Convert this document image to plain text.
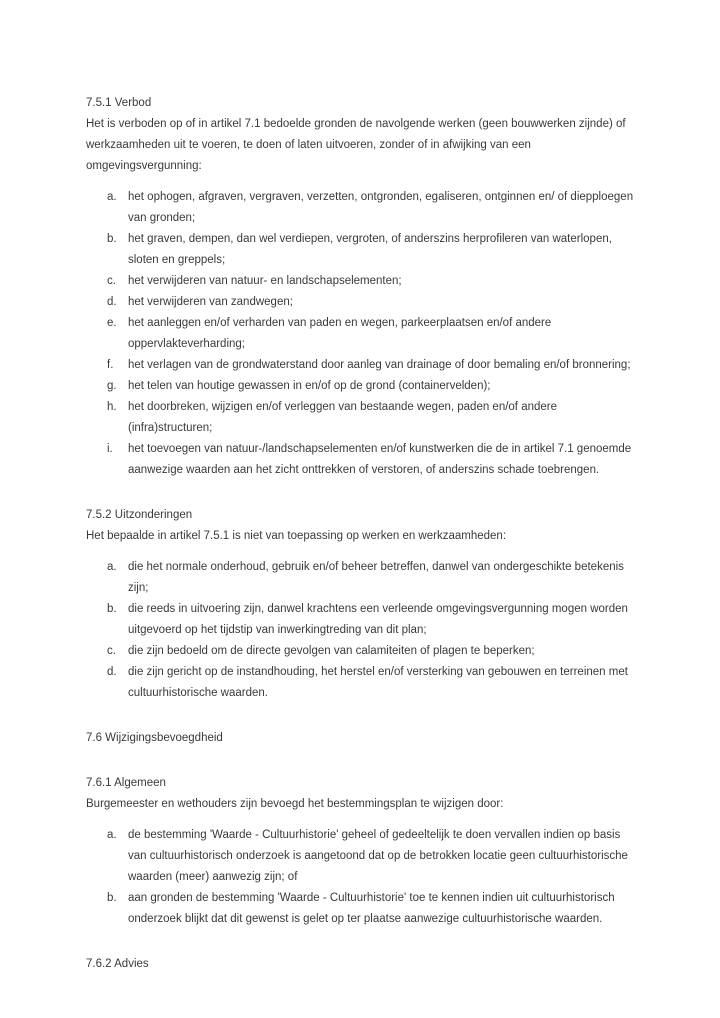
7.5.1 Verbod

Het is verboden op of in artikel 7.1 bedoelde gronden de navolgende werken (geen bouwwerken zijnde) of werkzaamheden uit te voeren, te doen of laten uitvoeren, zonder of in afwijking van een omgevingsvergunning:

a. het ophogen, afgraven, vergraven, verzetten, ontgronden, egaliseren, ontginnen en/ of diepploegen van gronden;
b. het graven, dempen, dan wel verdiepen, vergroten, of anderszins herprofileren van waterlopen, sloten en greppels;
c. het verwijderen van natuur- en landschapselementen;
d. het verwijderen van zandwegen;
e. het aanleggen en/of verharden van paden en wegen, parkeerplaatsen en/of andere oppervlakteverharding;
f. het verlagen van de grondwaterstand door aanleg van drainage of door bemaling en/of bronnering;
g. het telen van houtige gewassen in en/of op de grond (containervelden);
h. het doorbreken, wijzigen en/of verleggen van bestaande wegen, paden en/of andere (infra)structuren;
i. het toevoegen van natuur-/landschapselementen en/of kunstwerken die de in artikel 7.1 genoemde aanwezige waarden aan het zicht onttrekken of verstoren, of anderszins schade toebrengen.
7.5.2 Uitzonderingen

Het bepaalde in artikel 7.5.1 is niet van toepassing op werken en werkzaamheden:

a. die het normale onderhoud, gebruik en/of beheer betreffen, danwel van ondergeschikte betekenis zijn;
b. die reeds in uitvoering zijn, danwel krachtens een verleende omgevingsvergunning mogen worden uitgevoerd op het tijdstip van inwerkingtreding van dit plan;
c. die zijn bedoeld om de directe gevolgen van calamiteiten of plagen te beperken;
d. die zijn gericht op de instandhouding, het herstel en/of versterking van gebouwen en terreinen met cultuurhistorische waarden.
7.6 Wijzigingsbevoegdheid
7.6.1 Algemeen

Burgemeester en wethouders zijn bevoegd het bestemmingsplan te wijzigen door:

a. de bestemming 'Waarde - Cultuurhistorie' geheel of gedeeltelijk te doen vervallen indien op basis van cultuurhistorisch onderzoek is aangetoond dat op de betrokken locatie geen cultuurhistorische waarden (meer) aanwezig zijn; of
b. aan gronden de bestemming 'Waarde - Cultuurhistorie' toe te kennen indien uit cultuurhistorisch onderzoek blijkt dat dit gewenst is gelet op ter plaatse aanwezige cultuurhistorische waarden.
7.6.2 Advies
